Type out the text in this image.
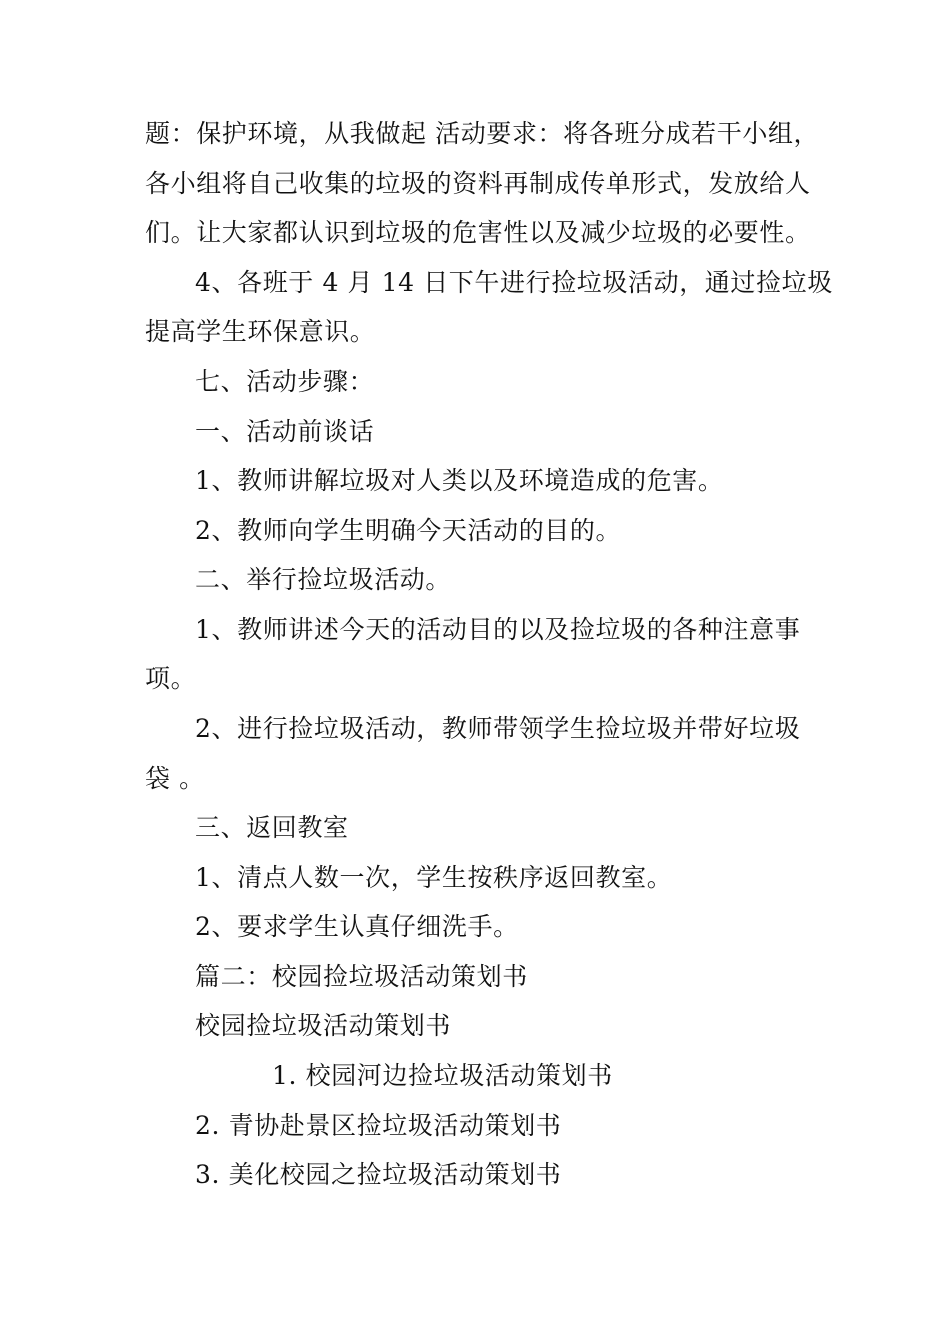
题：保护环境，从我做起 活动要求：将各班分成若干小组，
各小组将自己收集的垃圾的资料再制成传单形式，发放给人
们。让大家都认识到垃圾的危害性以及减少垃圾的必要性。
4、各班于 4 月 14 日下午进行捡垃圾活动，通过捡垃圾
提高学生环保意识。
七、活动步骤：
一、活动前谈话
1、教师讲解垃圾对人类以及环境造成的危害。
2、教师向学生明确今天活动的目的。
二、举行捡垃圾活动。
1、教师讲述今天的活动目的以及捡垃圾的各种注意事
项。
2、进行捡垃圾活动，教师带领学生捡垃圾并带好垃圾
袋 。
三、返回教室
1、清点人数一次，学生按秩序返回教室。
2、要求学生认真仔细洗手。
篇二：校园捡垃圾活动策划书
校园捡垃圾活动策划书
1. 校园河边捡垃圾活动策划书
2. 青协赴景区捡垃圾活动策划书
3. 美化校园之捡垃圾活动策划书
